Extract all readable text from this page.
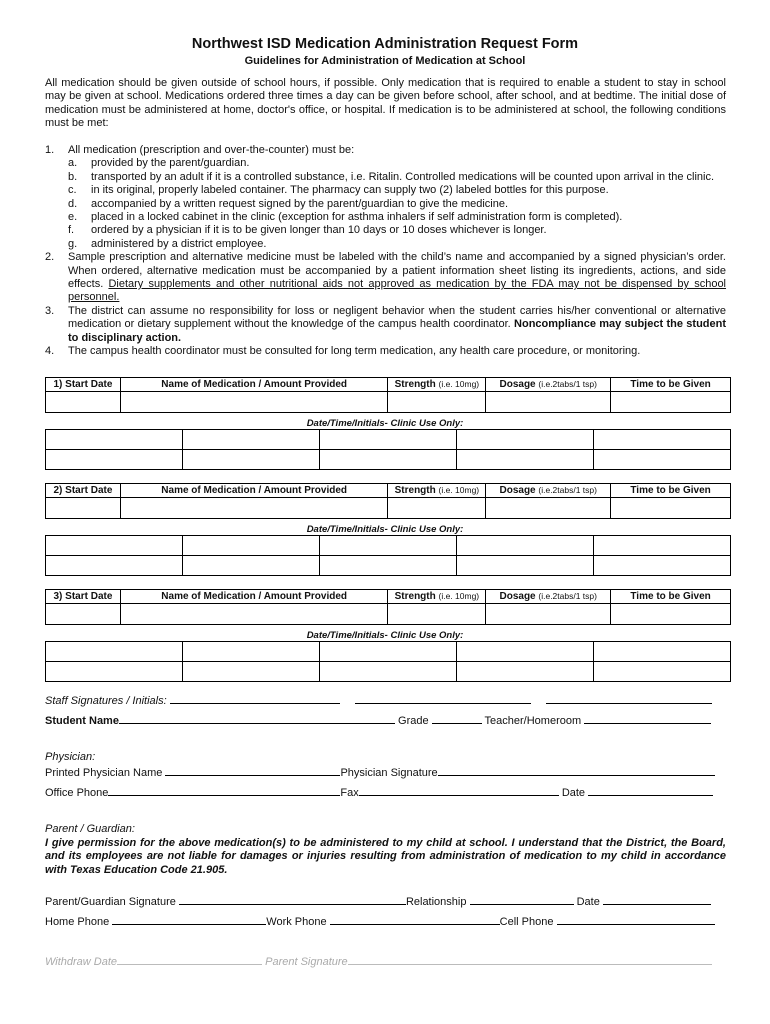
Northwest ISD Medication Administration Request Form
Guidelines for Administration of Medication at School
All medication should be given outside of school hours, if possible. Only medication that is required to enable a student to stay in school may be given at school. Medications ordered three times a day can be given before school, after school, and at bedtime. The initial dose of medication must be administered at home, doctor's office, or hospital. If medication is to be administered at school, the following conditions must be met:
1. All medication (prescription and over-the-counter) must be:
a. provided by the parent/guardian.
b. transported by an adult if it is a controlled substance, i.e. Ritalin. Controlled medications will be counted upon arrival in the clinic.
c. in its original, properly labeled container. The pharmacy can supply two (2) labeled bottles for this purpose.
d. accompanied by a written request signed by the parent/guardian to give the medicine.
e. placed in a locked cabinet in the clinic (exception for asthma inhalers if self administration form is completed).
f. ordered by a physician if it is to be given longer than 10 days or 10 doses whichever is longer.
g. administered by a district employee.
2. Sample prescription and alternative medicine must be labeled with the child’s name and accompanied by a signed physician’s order. When ordered, alternative medication must be accompanied by a patient information sheet listing its ingredients, actions, and side effects. Dietary supplements and other nutritional aids not approved as medication by the FDA may not be dispensed by school personnel.
3. The district can assume no responsibility for loss or negligent behavior when the student carries his/her conventional or alternative medication or dietary supplement without the knowledge of the campus health coordinator. Noncompliance may subject the student to disciplinary action.
4. The campus health coordinator must be consulted for long term medication, any health care procedure, or monitoring.
1) Start Date	Name of Medication / Amount Provided	Strength (i.e. 10mg)	Dosage (i.e.2tabs/1 tsp)	Time to be Given

Date/Time/Initials- Clinic Use Only:

2) Start Date	Name of Medication / Amount Provided	Strength (i.e. 10mg)	Dosage (i.e.2tabs/1 tsp)	Time to be Given

Date/Time/Initials- Clinic Use Only:

3) Start Date	Name of Medication / Amount Provided	Strength (i.e. 10mg)	Dosage (i.e.2tabs/1 tsp)	Time to be Given

Date/Time/Initials- Clinic Use Only:

Staff Signatures / Initials:
Student Name	Grade	Teacher/Homeroom
Physician:
Printed Physician Name	Physician Signature
Office Phone	Fax	Date
Parent / Guardian:
I give permission for the above medication(s) to be administered to my child at school. I understand that the District, the Board, and its employees are not liable for damages or injuries resulting from administration of medication to my child in accordance with Texas Education Code 21.905.
Parent/Guardian Signature	Relationship	Date
Home Phone	Work Phone	Cell Phone
Withdraw Date	Parent Signature
